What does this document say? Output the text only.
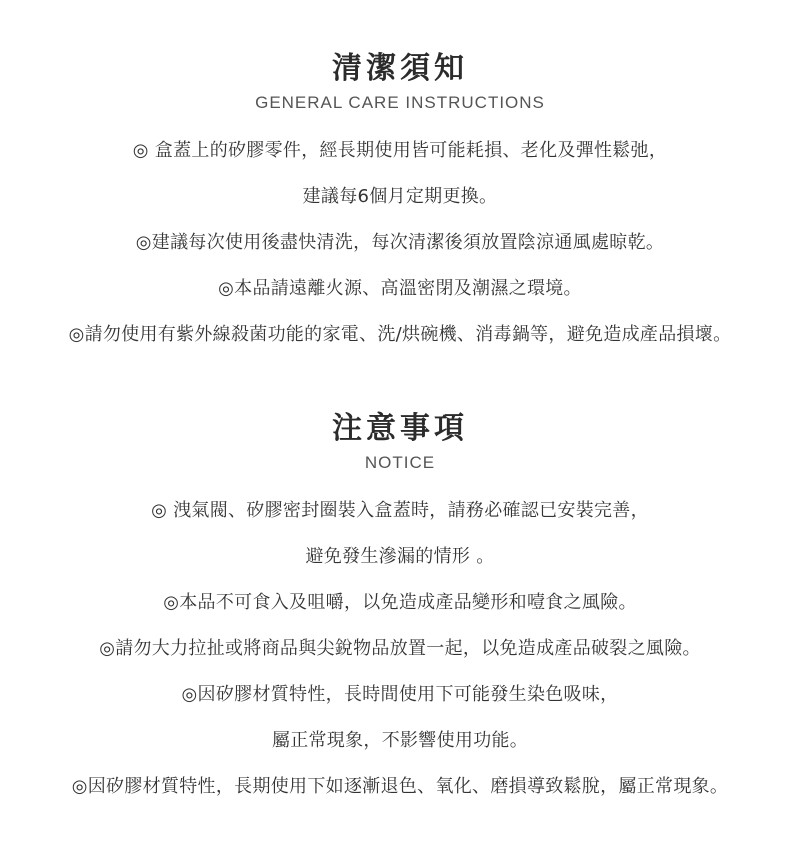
清潔須知
GENERAL CARE INSTRUCTIONS
◎ 盒蓋上的矽膠零件，經長期使用皆可能耗損、老化及彈性鬆弛，
建議每6個月定期更換。
◎建議每次使用後盡快清洗，每次清潔後須放置陰涼通風處晾乾。
◎本品請遠離火源、高溫密閉及潮濕之環境。
◎請勿使用有紫外線殺菌功能的家電、洗/烘碗機、消毒鍋等，避免造成產品損壞。
注意事項
NOTICE
◎ 洩氣閥、矽膠密封圈裝入盒蓋時，請務必確認已安裝完善，
避免發生滲漏的情形 。
◎本品不可食入及咀嚼，以免造成產品變形和噎食之風險。
◎請勿大力拉扯或將商品與尖銳物品放置一起，以免造成產品破裂之風險。
◎因矽膠材質特性，長時間使用下可能發生染色吸味，
屬正常現象，不影響使用功能。
◎因矽膠材質特性，長期使用下如逐漸退色、氧化、磨損導致鬆脫，屬正常現象。
